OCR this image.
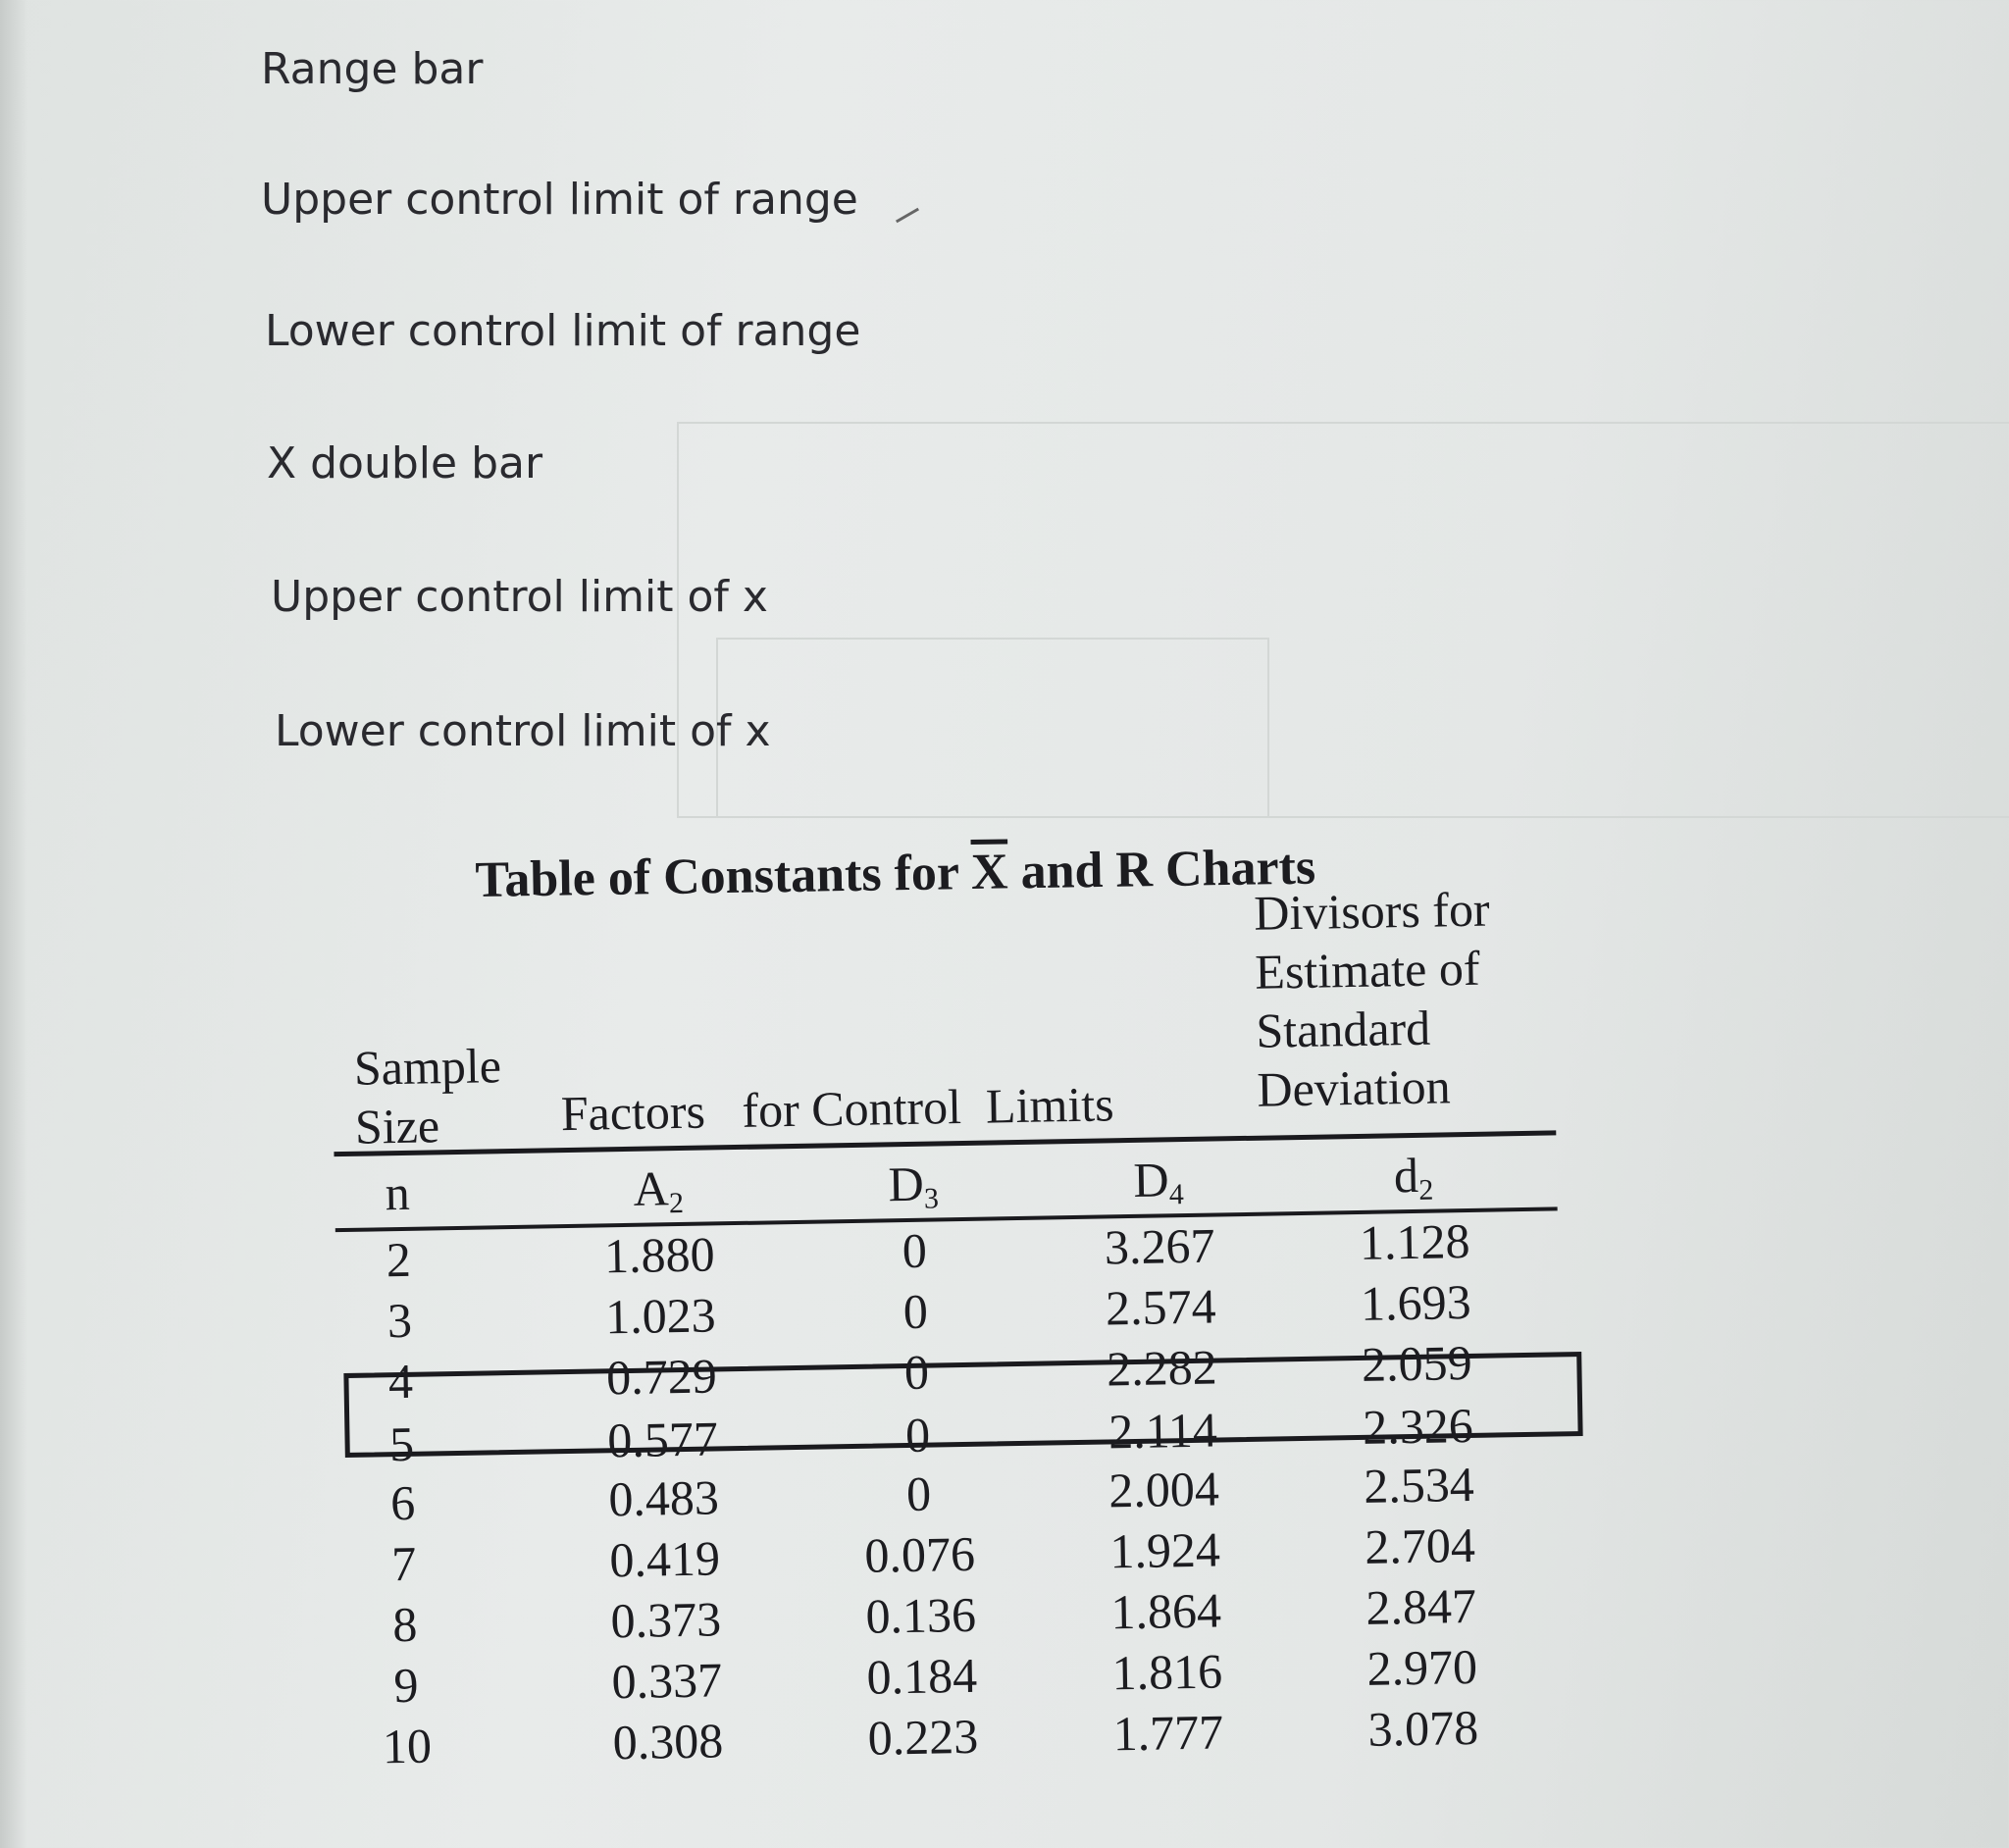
Range bar
Upper control limit of range
Lower control limit of range
X double bar
Upper control limit of x
Lower control limit of x
Table of Constants for $\overline{X}$ and R Charts
Divisors for
Estimate of
Standard
Deviation
Sample
Size Factors   for Control  Limits
n	$A_2$	$D_3$	$D_4$	$d_2$
2	1.880	0	3.267	1.128
3	1.023	0	2.574	1.693
4	0.729	0	2.282	2.059
5	0.577	0	2.114	2.326
6	0.483	0	2.004	2.534
7	0.419	0.076	1.924	2.704
8	0.373	0.136	1.864	2.847
9	0.337	0.184	1.816	2.970
10	0.308	0.223	1.777	3.078
